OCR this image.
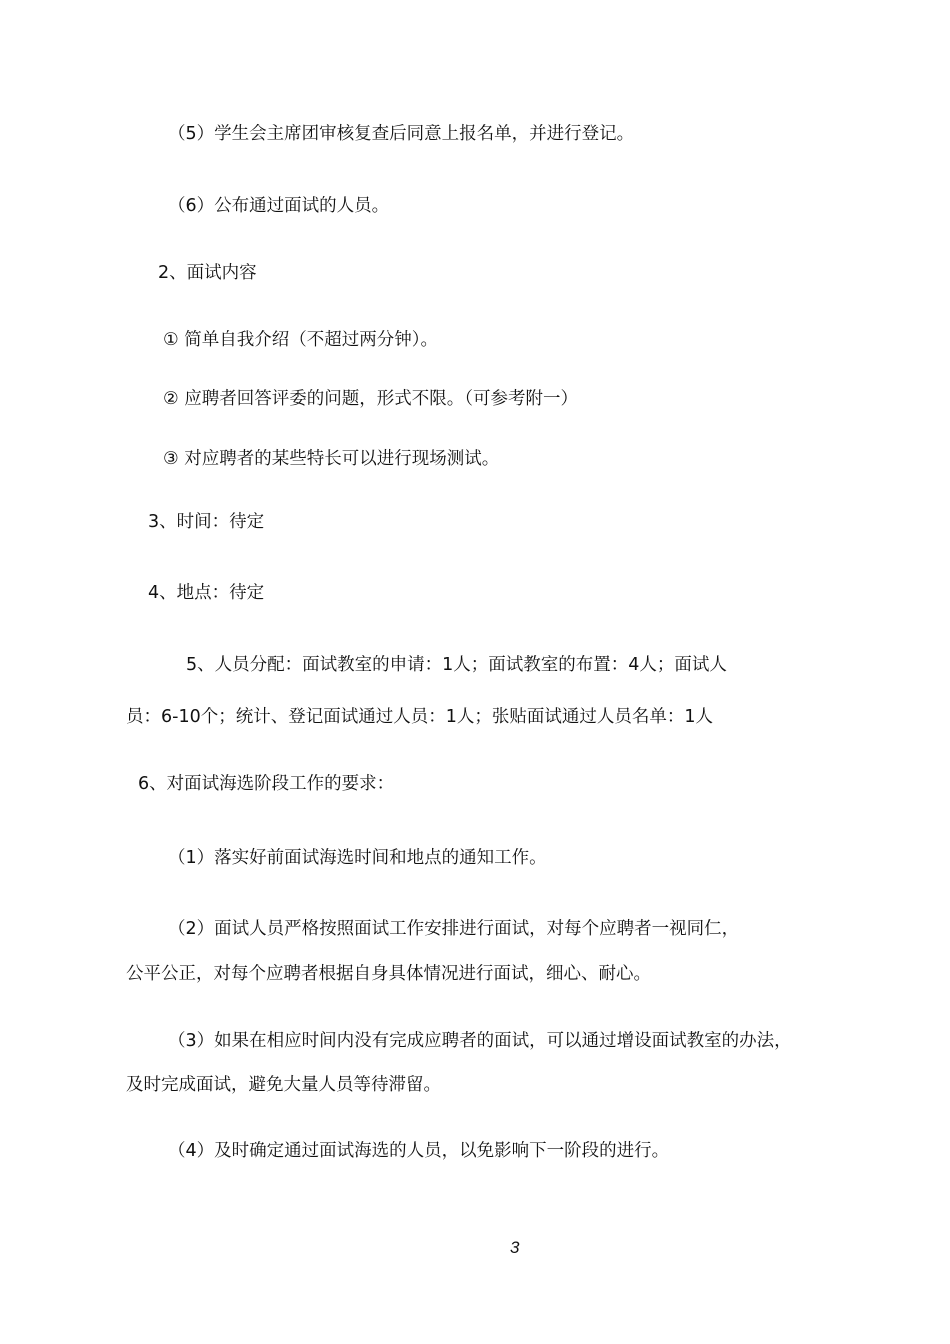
（5）学生会主席团审核复查后同意上报名单，并进行登记。
（6）公布通过面试的人员。
2、面试内容
① 简单自我介绍（不超过两分钟）。
② 应聘者回答评委的问题，形式不限。（可参考附一）
③ 对应聘者的某些特长可以进行现场测试。
3、时间：待定
4、地点：待定
5、人员分配：面试教室的申请：1人；面试教室的布置：4人；面试人
员：6-10个；统计、登记面试通过人员：1人；张贴面试通过人员名单：1人
6、对面试海选阶段工作的要求：
（1）落实好前面试海选时间和地点的通知工作。
（2）面试人员严格按照面试工作安排进行面试，对每个应聘者一视同仁，
公平公正，对每个应聘者根据自身具体情况进行面试，细心、耐心。
（3）如果在相应时间内没有完成应聘者的面试，可以通过增设面试教室的办法，
及时完成面试，避免大量人员等待滞留。
（4）及时确定通过面试海选的人员，以免影响下一阶段的进行。
3
